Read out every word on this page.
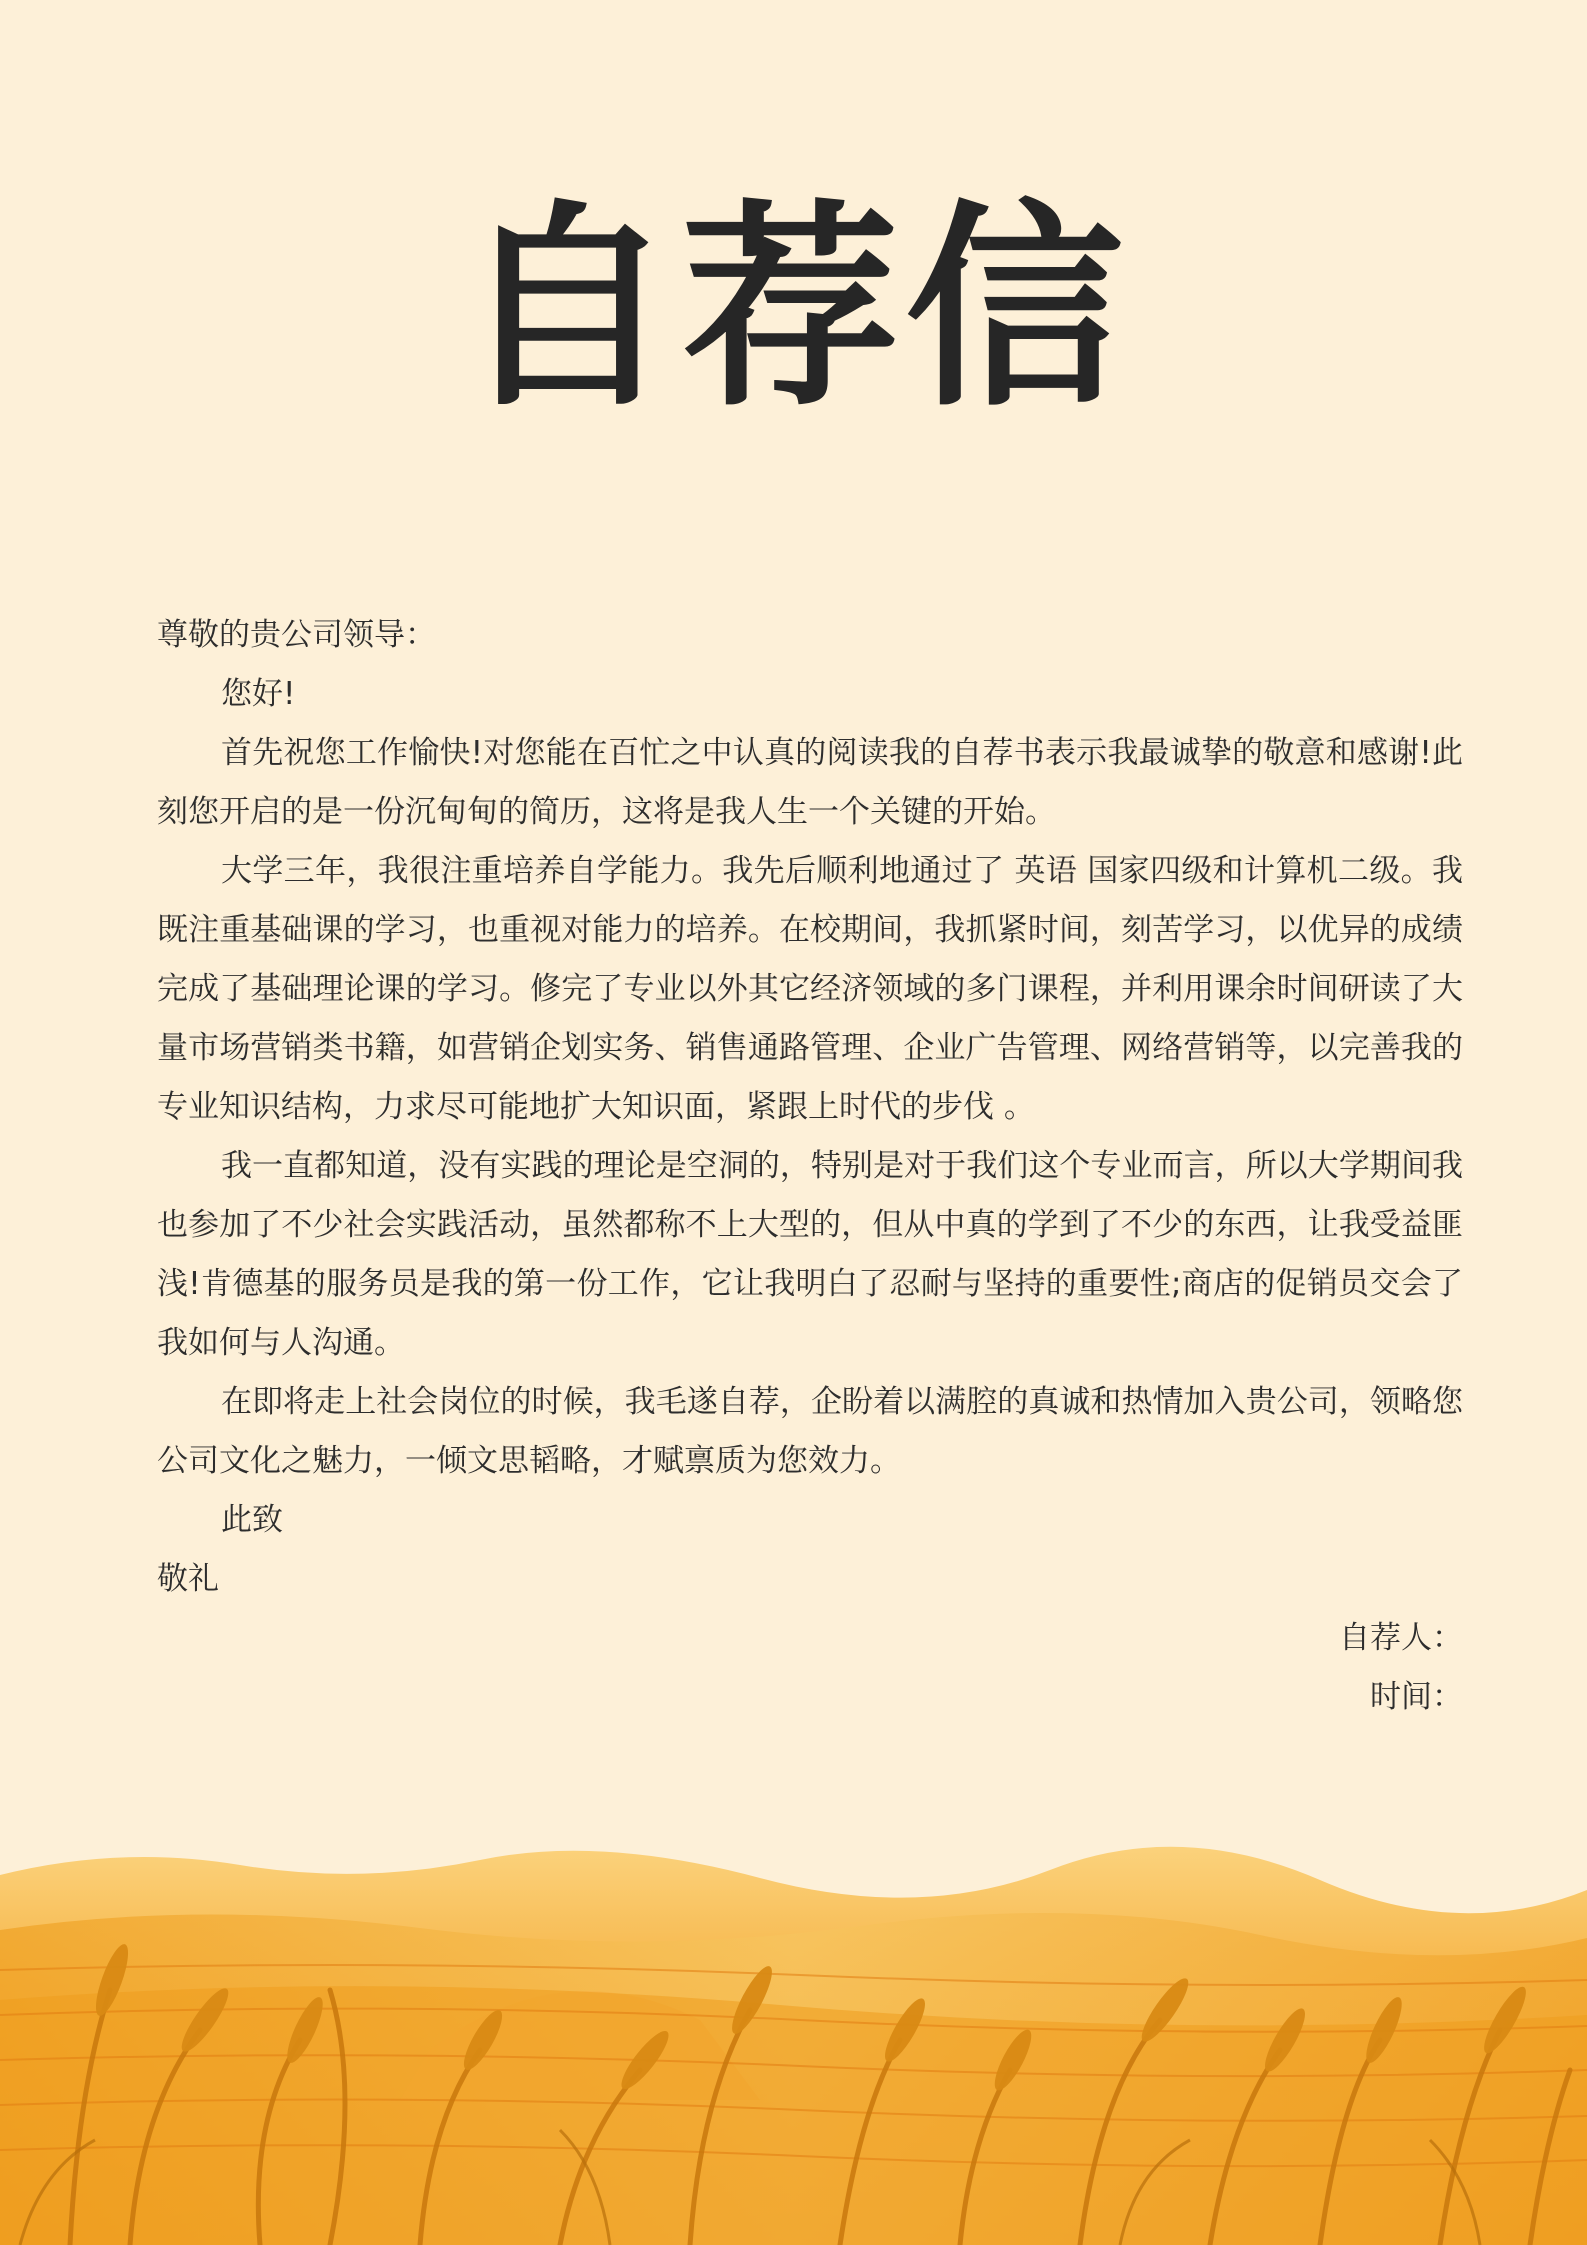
自荐信

尊敬的贵公司领导：

您好!

首先祝您工作愉快!对您能在百忙之中认真的阅读我的自荐书表示我最诚挚的敬意和感谢!此刻您开启的是一份沉甸甸的简历，这将是我人生一个关键的开始。

大学三年，我很注重培养自学能力。我先后顺利地通过了 英语 国家四级和计算机二级。我既注重基础课的学习，也重视对能力的培养。在校期间，我抓紧时间，刻苦学习，以优异的成绩完成了基础理论课的学习。修完了专业以外其它经济领域的多门课程，并利用课余时间研读了大量市场营销类书籍，如营销企划实务、销售通路管理、企业广告管理、网络营销等，以完善我的专业知识结构，力求尽可能地扩大知识面，紧跟上时代的步伐 。

我一直都知道，没有实践的理论是空洞的，特别是对于我们这个专业而言，所以大学期间我也参加了不少社会实践活动，虽然都称不上大型的，但从中真的学到了不少的东西，让我受益匪浅!肯德基的服务员是我的第一份工作，它让我明白了忍耐与坚持的重要性;商店的促销员交会了我如何与人沟通。

在即将走上社会岗位的时候，我毛遂自荐，企盼着以满腔的真诚和热情加入贵公司，领略您公司文化之魅力，一倾文思韬略，才赋禀质为您效力。

此致

敬礼

自荐人：

时间：
